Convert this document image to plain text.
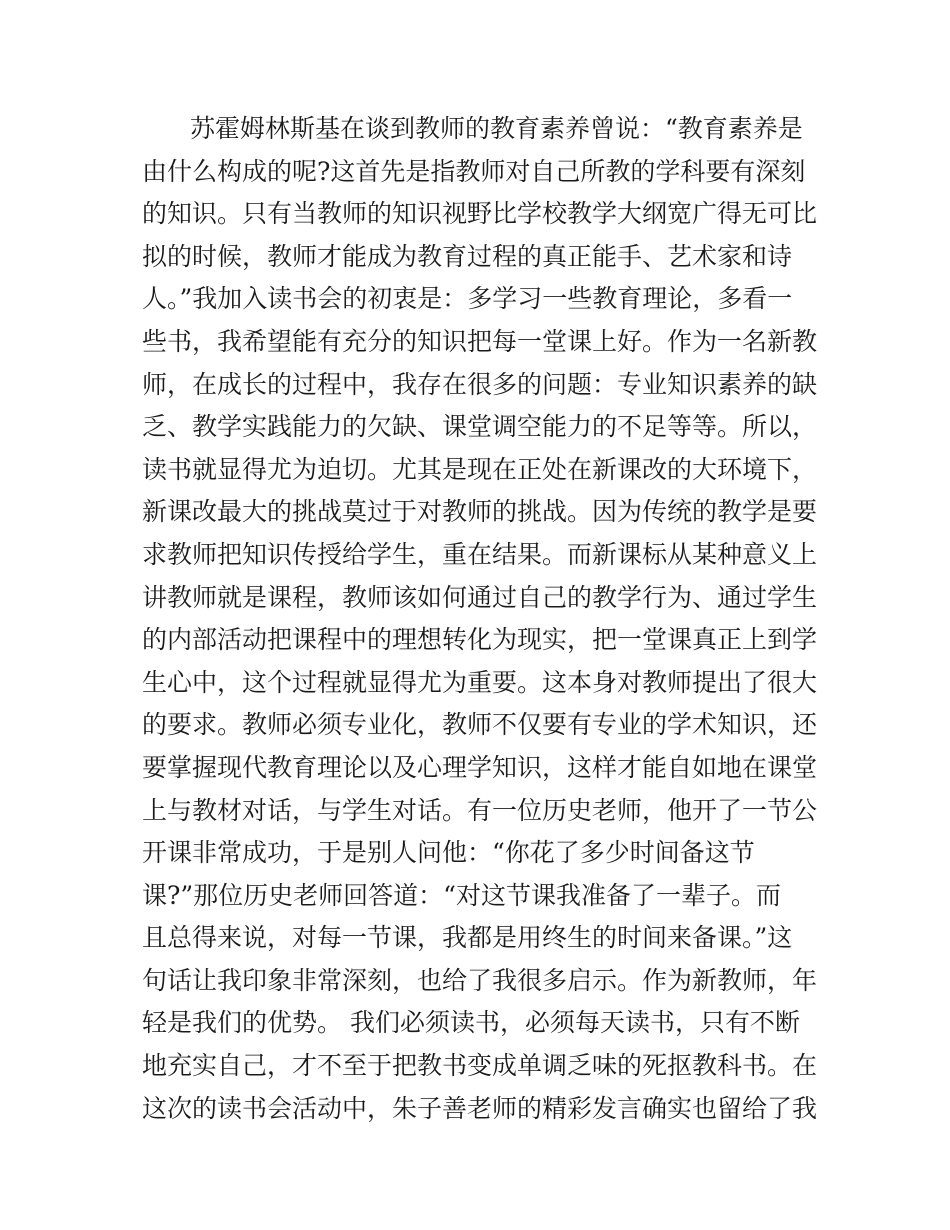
苏霍姆林斯基在谈到教师的教育素养曾说：“教育素养是
由什么构成的呢?这首先是指教师对自己所教的学科要有深刻
的知识。只有当教师的知识视野比学校教学大纲宽广得无可比
拟的时候，教师才能成为教育过程的真正能手、艺术家和诗
人。”我加入读书会的初衷是：多学习一些教育理论，多看一
些书，我希望能有充分的知识把每一堂课上好。作为一名新教
师，在成长的过程中，我存在很多的问题：专业知识素养的缺
乏、教学实践能力的欠缺、课堂调空能力的不足等等。所以，
读书就显得尤为迫切。尤其是现在正处在新课改的大环境下，
新课改最大的挑战莫过于对教师的挑战。因为传统的教学是要
求教师把知识传授给学生，重在结果。而新课标从某种意义上
讲教师就是课程，教师该如何通过自己的教学行为、通过学生
的内部活动把课程中的理想转化为现实，把一堂课真正上到学
生心中，这个过程就显得尤为重要。这本身对教师提出了很大
的要求。教师必须专业化，教师不仅要有专业的学术知识，还
要掌握现代教育理论以及心理学知识，这样才能自如地在课堂
上与教材对话，与学生对话。有一位历史老师，他开了一节公
开课非常成功，于是别人问他：“你花了多少时间备这节
课?”那位历史老师回答道：“对这节课我准备了一辈子。而
且总得来说，对每一节课，我都是用终生的时间来备课。”这
句话让我印象非常深刻，也给了我很多启示。作为新教师，年
轻是我们的优势。 我们必须读书，必须每天读书，只有不断
地充实自己，才不至于把教书变成单调乏味的死抠教科书。在
这次的读书会活动中，朱子善老师的精彩发言确实也留给了我
